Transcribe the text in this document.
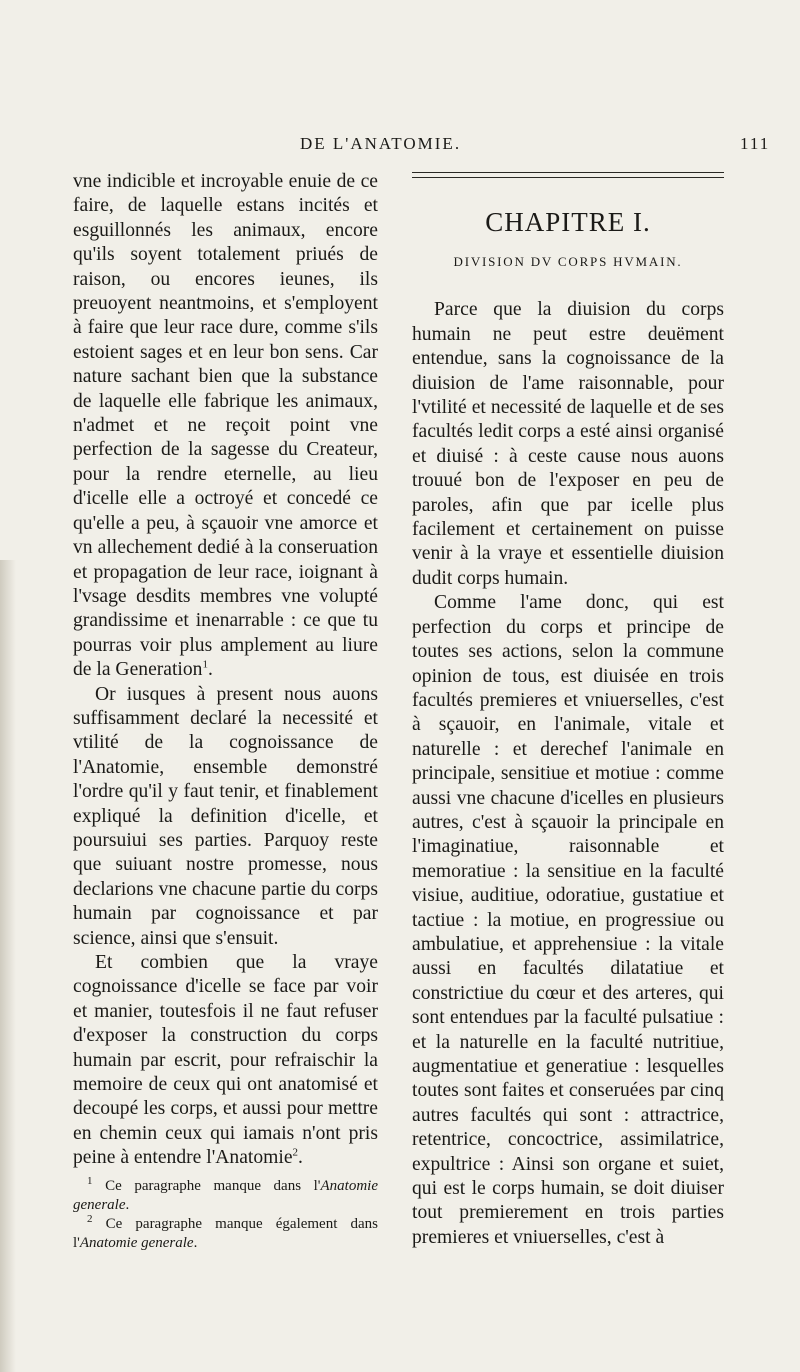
DE L'ANATOMIE.	111

vne indicible et incroyable enuie de ce faire, de laquelle estans incités et esguillonnés les animaux, encore qu'ils soyent totalement priués de raison, ou encores ieunes, ils preuoyent neantmoins, et s'employent à faire que leur race dure, comme s'ils estoient sages et en leur bon sens. Car nature sachant bien que la substance de laquelle elle fabrique les animaux, n'admet et ne reçoit point vne perfection de la sagesse du Createur, pour la rendre eternelle, au lieu d'icelle elle a octroyé et concedé ce qu'elle a peu, à sçauoir vne amorce et vn allechement dedié à la conseruation et propagation de leur race, ioignant à l'vsage desdits membres vne volupté grandissime et inenarrable : ce que tu pourras voir plus amplement au liure de la Generation$^1$.

Or iusques à present nous auons suffisamment declaré la necessité et vtilité de la cognoissance de l'Anatomie, ensemble demonstré l'ordre qu'il y faut tenir, et finablement expliqué la definition d'icelle, et poursuiui ses parties. Parquoy reste que suiuant nostre promesse, nous declarions vne chacune partie du corps humain par cognoissance et par science, ainsi que s'ensuit.

Et combien que la vraye cognoissance d'icelle se face par voir et manier, toutesfois il ne faut refuser d'exposer la construction du corps humain par escrit, pour refraischir la memoire de ceux qui ont anatomisé et decoupé les corps, et aussi pour mettre en chemin ceux qui iamais n'ont pris peine à entendre l'Anatomie$^2$.

$^1$ Ce paragraphe manque dans l'Anatomie generale.

$^2$ Ce paragraphe manque également dans l'Anatomie generale.

CHAPITRE I.
DIVISION DV CORPS HVMAIN.

Parce que la diuision du corps humain ne peut estre deuëment entendue, sans la cognoissance de la diuision de l'ame raisonnable, pour l'vtilité et necessité de laquelle et de ses facultés ledit corps a esté ainsi organisé et diuisé : à ceste cause nous auons trouué bon de l'exposer en peu de paroles, afin que par icelle plus facilement et certainement on puisse venir à la vraye et essentielle diuision dudit corps humain.

Comme l'ame donc, qui est perfection du corps et principe de toutes ses actions, selon la commune opinion de tous, est diuisée en trois facultés premieres et vniuerselles, c'est à sçauoir, en l'animale, vitale et naturelle : et derechef l'animale en principale, sensitiue et motiue : comme aussi vne chacune d'icelles en plusieurs autres, c'est à sçauoir la principale en l'imaginatiue, raisonnable et memoratiue : la sensitiue en la faculté visiue, auditiue, odoratiue, gustatiue et tactiue : la motiue, en progressiue ou ambulatiue, et apprehensiue : la vitale aussi en facultés dilatatiue et constrictiue du cœur et des arteres, qui sont entendues par la faculté pulsatiue : et la naturelle en la faculté nutritiue, augmentatiue et generatiue : lesquelles toutes sont faites et conseruées par cinq autres facultés qui sont : attractrice, retentrice, concoctrice, assimilatrice, expultrice : Ainsi son organe et suiet, qui est le corps humain, se doit diuiser tout premierement en trois parties premieres et vniuerselles, c'est à
